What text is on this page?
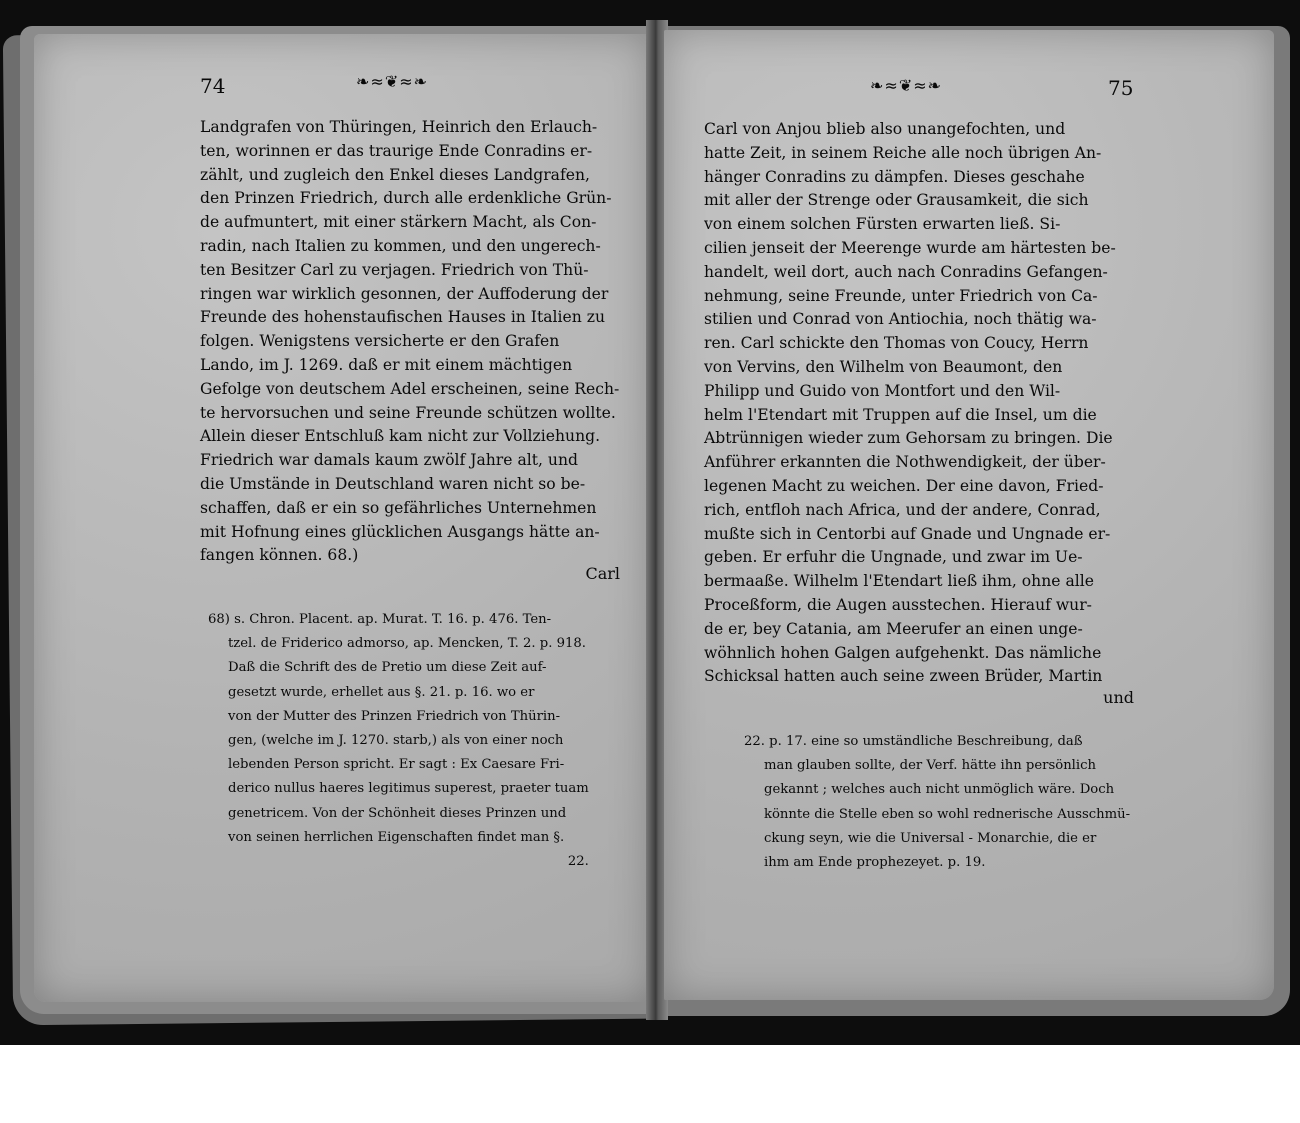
74	❧≈❦≈❧
Landgrafen von Thüringen, Heinrich den Erlauch-
ten, worinnen er das traurige Ende Conradins er-
zählt, und zugleich den Enkel dieses Landgrafen,
den Prinzen Friedrich, durch alle erdenkliche Grün-
de aufmuntert, mit einer stärkern Macht, als Con-
radin, nach Italien zu kommen, und den ungerech-
ten Besitzer Carl zu verjagen. Friedrich von Thü-
ringen war wirklich gesonnen, der Auffoderung der
Freunde des hohenstaufischen Hauses in Italien zu
folgen. Wenigstens versicherte er den Grafen
Lando, im J. 1269. daß er mit einem mächtigen
Gefolge von deutschem Adel erscheinen, seine Rech-
te hervorsuchen und seine Freunde schützen wollte.
Allein dieser Entschluß kam nicht zur Vollziehung.
Friedrich war damals kaum zwölf Jahre alt, und
die Umstände in Deutschland waren nicht so be-
schaffen, daß er ein so gefährliches Unternehmen
mit Hofnung eines glücklichen Ausgangs hätte an-
fangen können. 68.)
Carl
68) s. Chron. Placent. ap. Murat. T. 16. p. 476. Ten-
tzel. de Friderico admorso, ap. Mencken, T. 2. p. 918.
Daß die Schrift des de Pretio um diese Zeit auf-
gesetzt wurde, erhellet aus §. 21. p. 16. wo er
von der Mutter des Prinzen Friedrich von Thürin-
gen, (welche im J. 1270. starb,) als von einer noch
lebenden Person spricht. Er sagt : Ex Caesare Fri-
derico nullus haeres legitimus superest, praeter tuam
genetricem. Von der Schönheit dieses Prinzen und
von seinen herrlichen Eigenschaften findet man §.
22.
75
❧≈❦≈❧
Carl von Anjou blieb also unangefochten, und
hatte Zeit, in seinem Reiche alle noch übrigen An-
hänger Conradins zu dämpfen. Dieses geschahe
mit aller der Strenge oder Grausamkeit, die sich
von einem solchen Fürsten erwarten ließ. Si-
cilien jenseit der Meerenge wurde am härtesten be-
handelt, weil dort, auch nach Conradins Gefangen-
nehmung, seine Freunde, unter Friedrich von Ca-
stilien und Conrad von Antiochia, noch thätig wa-
ren. Carl schickte den Thomas von Coucy, Herrn
von Vervins, den Wilhelm von Beaumont, den
Philipp und Guido von Montfort und den Wil-
helm l'Etendart mit Truppen auf die Insel, um die
Abtrünnigen wieder zum Gehorsam zu bringen. Die
Anführer erkannten die Nothwendigkeit, der über-
legenen Macht zu weichen. Der eine davon, Fried-
rich, entfloh nach Africa, und der andere, Conrad,
mußte sich in Centorbi auf Gnade und Ungnade er-
geben. Er erfuhr die Ungnade, und zwar im Ue-
bermaaße. Wilhelm l'Etendart ließ ihm, ohne alle
Proceßform, die Augen ausstechen. Hierauf wur-
de er, bey Catania, am Meerufer an einen unge-
wöhnlich hohen Galgen aufgehenkt. Das nämliche
Schicksal hatten auch seine zween Brüder, Martin
und
22. p. 17. eine so umständliche Beschreibung, daß
man glauben sollte, der Verf. hätte ihn persönlich
gekannt ; welches auch nicht unmöglich wäre. Doch
könnte die Stelle eben so wohl rednerische Ausschmü-
ckung seyn, wie die Universal - Monarchie, die er
ihm am Ende prophezeyet. p. 19.
